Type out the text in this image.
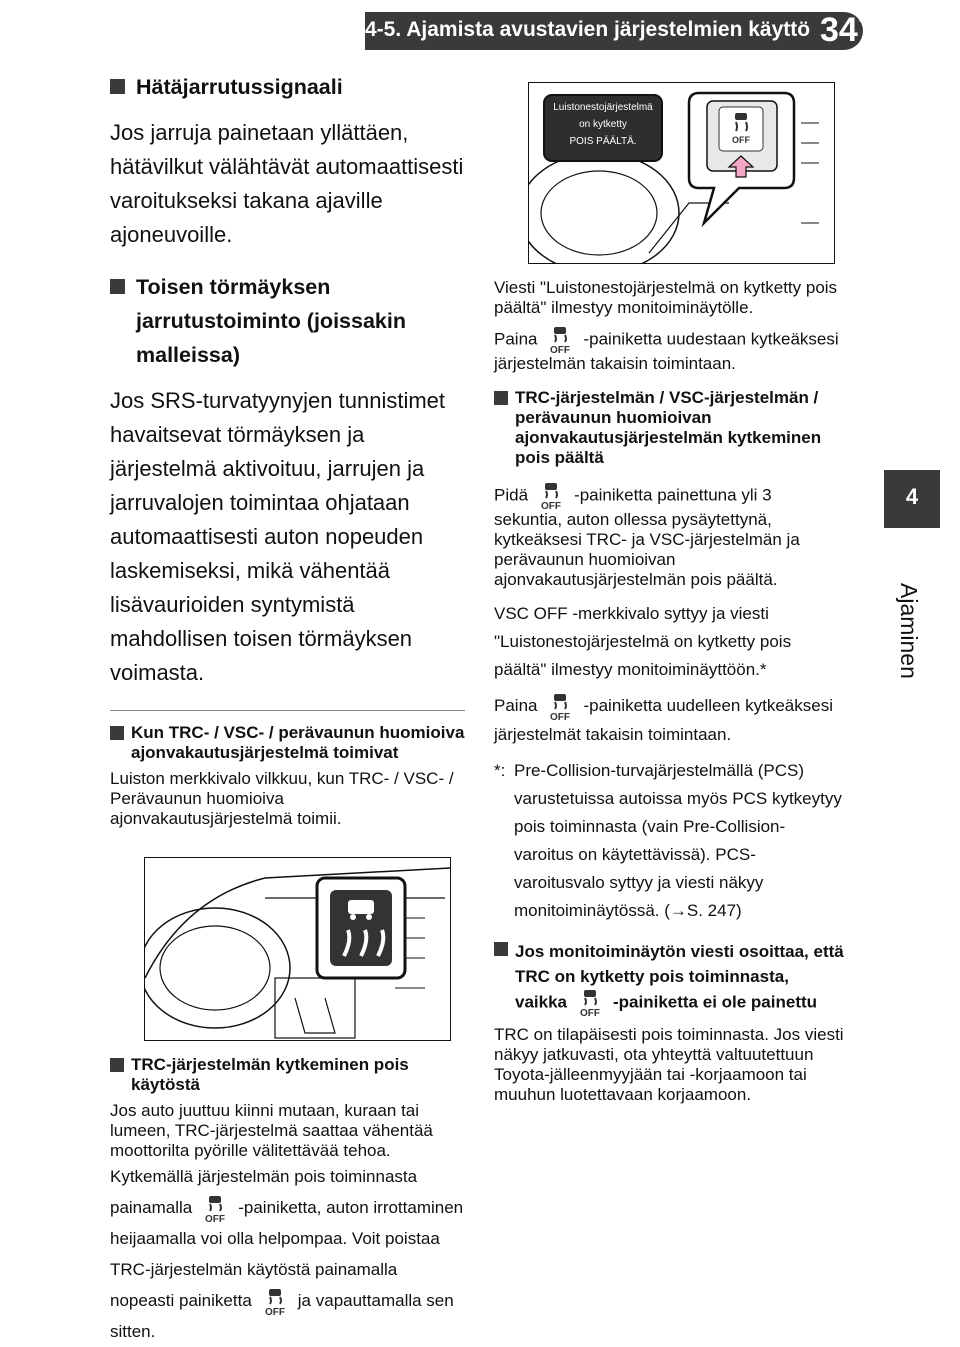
4-5. Ajamista avustavien järjestelmien käyttö 347
4
Ajaminen
Hätäjarrutussignaali

Jos jarruja painetaan yllättäen, hätävilkut välähtävät automaattisesti varoitukseksi takana ajaville ajoneuvoille.

Toisen törmäyksen jarrutustoiminto (joissakin malleissa)

Jos SRS-turvatyynyjen tunnistimet havaitsevat törmäyksen ja järjestelmä aktivoituu, jarrujen ja jarruvalojen toimintaa ohjataan automaattisesti auton nopeuden laskemiseksi, mikä vähentää lisävaurioiden syntymistä mahdollisen toisen törmäyksen voimasta.

Kun TRC- / VSC- / perävaunun huomioiva ajonvakautusjärjestelmä toimivat

Luiston merkkivalo vilkkuu, kun TRC- / VSC- / Perävaunun huomioiva ajonvakautusjärjestelmä toimii.

TRC-järjestelmän kytkeminen pois käytöstä

Jos auto juuttuu kiinni mutaan, kuraan tai lumeen, TRC-järjestelmä saattaa vähentää moottorilta pyörille välitettävää tehoa.

Kytkemällä järjestelmän pois toiminnasta painamalla
OFF
-painiketta, auton irrottaminen heijaamalla voi olla helpompaa. Voit poistaa TRC-järjestelmän käytöstä painamalla nopeasti painiketta
OFF
ja vapauttamalla sen sitten.

Luistonestojärjestelmä
on kytketty
POIS PÄÄLTÄ.	OFF

Viesti "Luistonestojärjestelmä on kytketty pois päältä" ilmestyy monitoiminäytölle.

Paina
OFF
-painiketta uudestaan kytkeäksesi järjestelmän takaisin toimintaan.

TRC-järjestelmän / VSC-järjestelmän / perävaunun huomioivan ajonvakautusjärjestelmän kytkeminen pois päältä

Pidä
OFF
-painiketta painettuna yli 3 sekuntia, auton ollessa pysäytettynä, kytkeäksesi TRC- ja VSC-järjestelmän ja perävaunun huomioivan ajonvakautusjärjestelmän pois päältä.

VSC OFF -merkkivalo syttyy ja viesti "Luistonestojärjestelmä on kytketty pois päältä" ilmestyy monitoiminäyttöön.*

Paina
OFF
-painiketta uudelleen kytkeäksesi järjestelmät takaisin toimintaan.

*: Pre-Collision-turvajärjestelmällä (PCS) varustetuissa autoissa myös PCS kytkeytyy pois toiminnasta (vain Pre-Collision-varoitus on käytettävissä). PCS-varoitusvalo syttyy ja viesti näkyy monitoiminäytössä. (→S. 247)
Jos monitoiminäytön viesti osoittaa, että TRC on kytketty pois toiminnasta, vaikka
OFF
-painiketta ei ole painettu

TRC on tilapäisesti pois toiminnasta. Jos viesti näkyy jatkuvasti, ota yhteyttä valtuutettuun Toyota-jälleenmyyjään tai -korjaamoon tai muuhun luotettavaan korjaamoon.
